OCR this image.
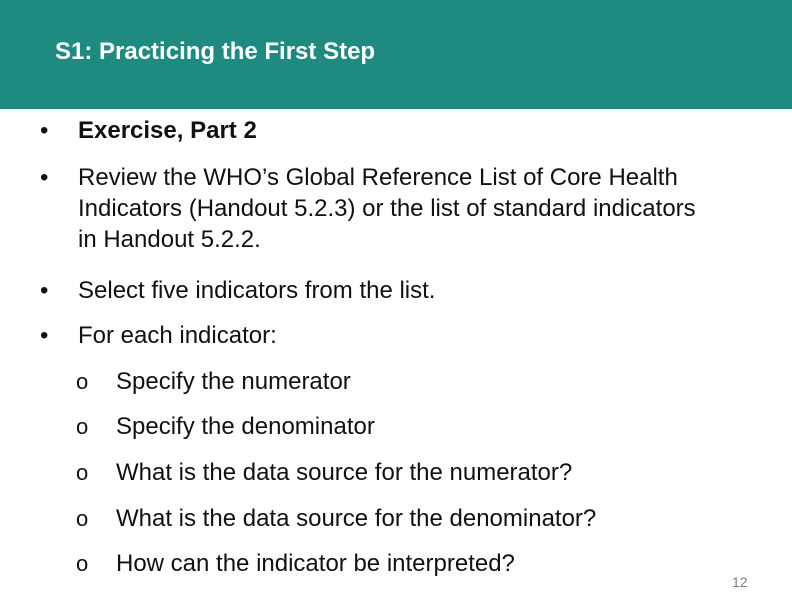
S1: Practicing the First Step
•	Exercise, Part 2
•	Review the WHO’s Global Reference List of Core Health Indicators (Handout 5.2.3) or the list of standard indicators in Handout 5.2.2.
•	Select five indicators from the list.
•	For each indicator:
o Specify the numerator
o Specify the denominator
o What is the data source for the numerator?
o What is the data source for the denominator?
o How can the indicator be interpreted?
12
